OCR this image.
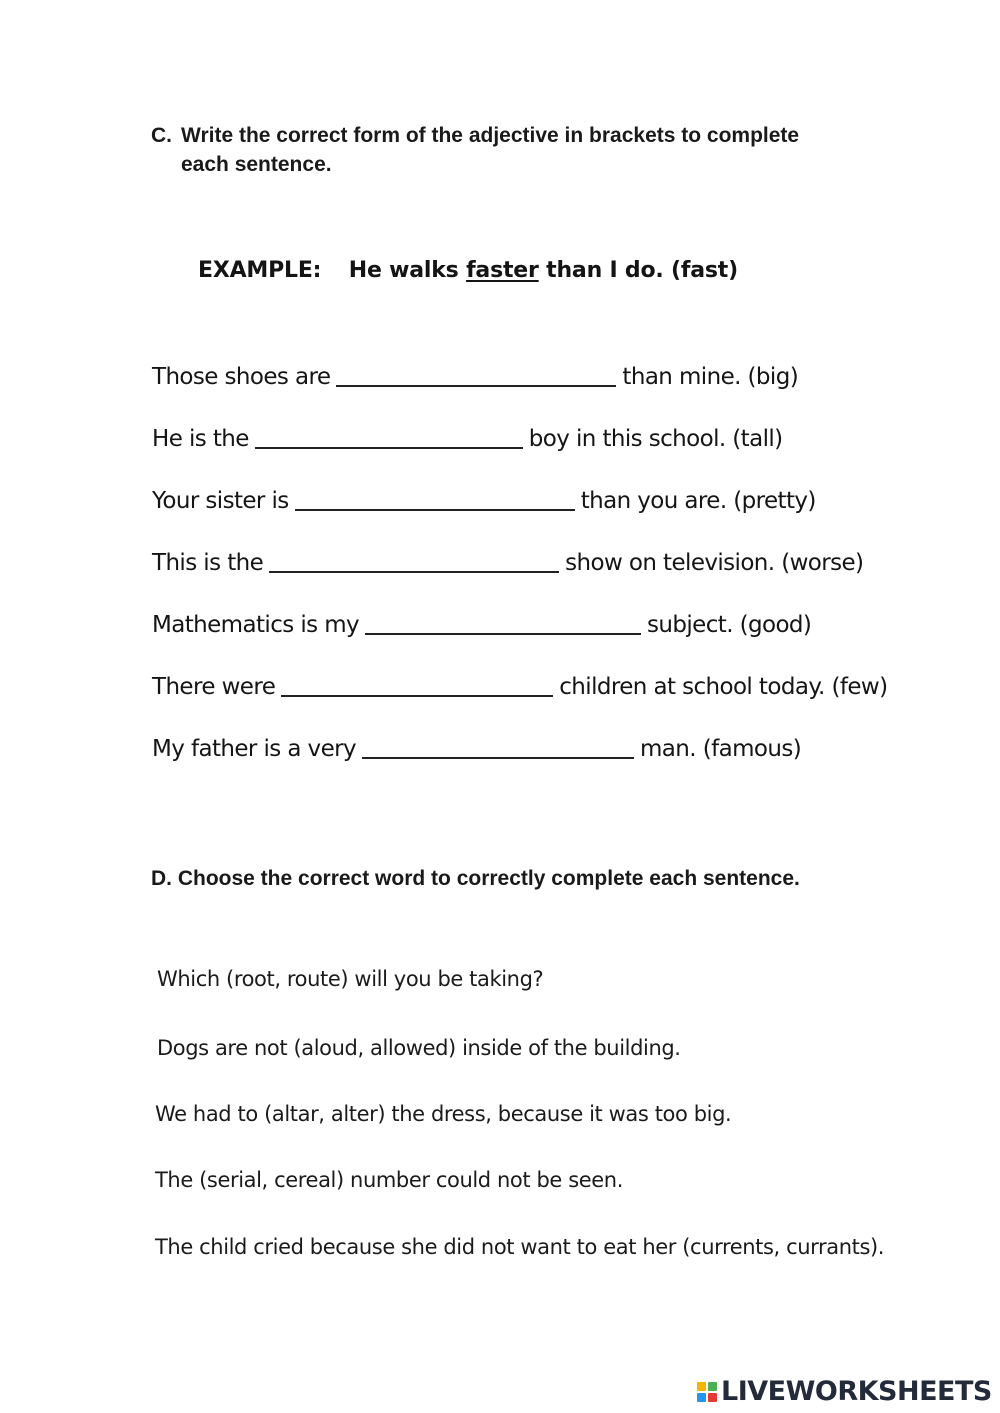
C. Write the correct form of the adjective in brackets to complete
each sentence.
EXAMPLE: He walks faster than I do. (fast)
Those shoes are	than mine. (big)
He is the	boy in this school. (tall)
Your sister is	than you are. (pretty)
This is the	show on television. (worse)
Mathematics is my	subject. (good)
There were	children at school today. (few)
My father is a very	man. (famous)
D. Choose the correct word to correctly complete each sentence.
Which (root, route) will you be taking?
Dogs are not (aloud, allowed) inside of the building.
We had to (altar, alter) the dress, because it was too big.
The (serial, cereal) number could not be seen.
The child cried because she did not want to eat her (currents, currants).
LIVEWORKSHEETS
